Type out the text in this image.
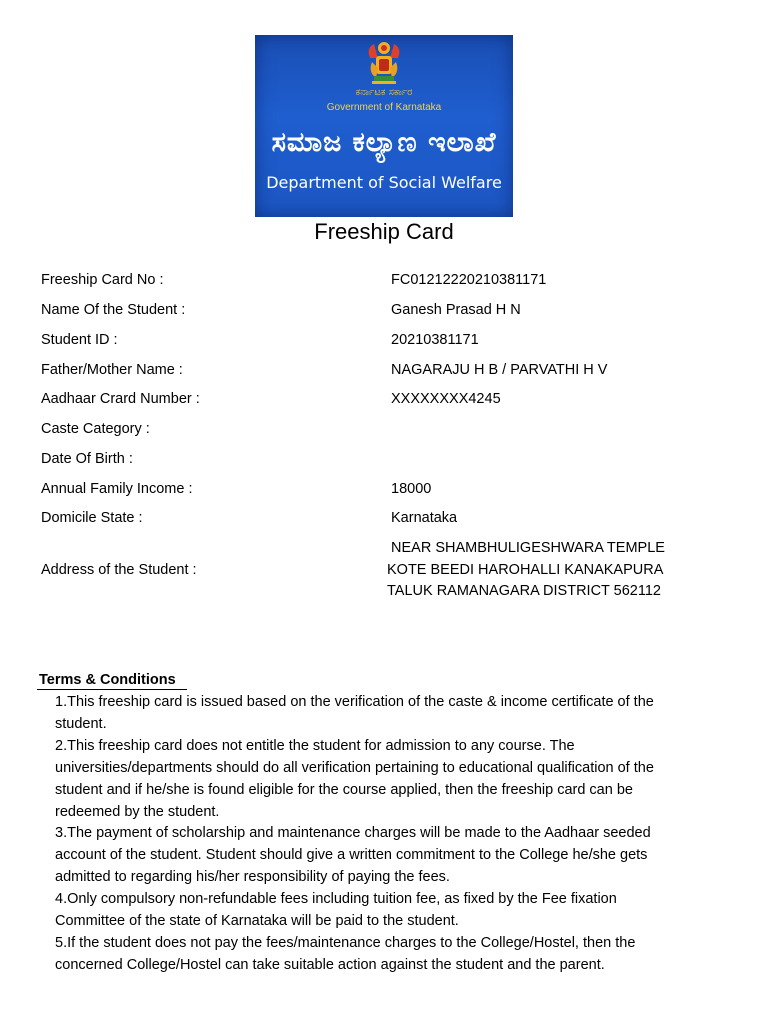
ಕರ್ನಾಟಕ ಸರ್ಕಾರ
Government of Karnataka
ಸಮಾಜ ಕಲ್ಯಾಣ ಇಲಾಖೆ
Department of Social Welfare
Freeship Card
Freeship Card No :	FC01212220210381171
Name Of the Student :	Ganesh Prasad H N
Student ID :	20210381171
Father/Mother Name :	NAGARAJU H B / PARVATHI H V
Aadhaar Crard Number :	XXXXXXXX4245
Caste Category :
Date Of Birth :
Annual Family Income :	18000
Domicile State :	Karnataka
Address of the Student :
NEAR SHAMBHULIGESHWARA TEMPLE
KOTE BEEDI HAROHALLI KANAKAPURA
TALUK RAMANAGARA DISTRICT 562112
Terms & Conditions
1.This freeship card is issued based on the verification of the caste & income certificate of the
student.
2.This freeship card does not entitle the student for admission to any course. The
universities/departments should do all verification pertaining to educational qualification of the
student and if he/she is found eligible for the course applied, then the freeship card can be
redeemed by the student.
3.The payment of scholarship and maintenance charges will be made to the Aadhaar seeded
account of the student. Student should give a written commitment to the College he/she gets
admitted to regarding his/her responsibility of paying the fees.
4.Only compulsory non-refundable fees including tuition fee, as fixed by the Fee fixation
Committee of the state of Karnataka will be paid to the student.
5.If the student does not pay the fees/maintenance charges to the College/Hostel, then the
concerned College/Hostel can take suitable action against the student and the parent.
